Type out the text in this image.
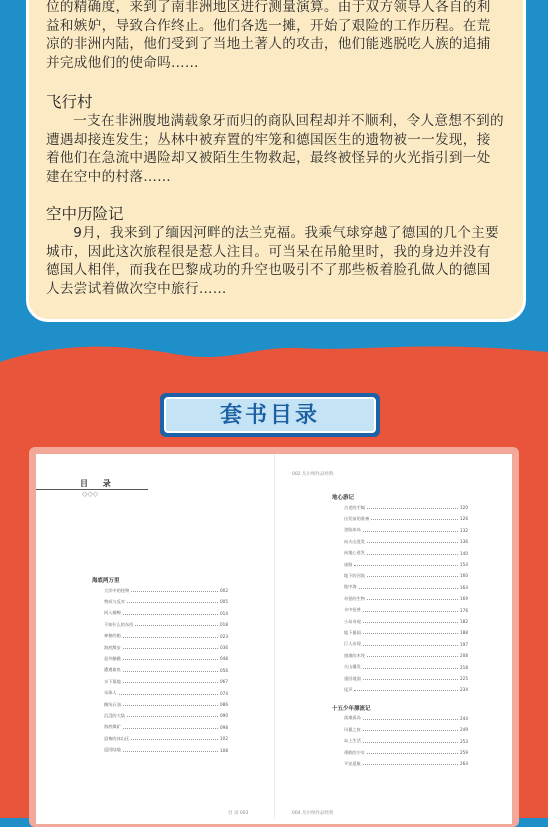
位的精确度，来到了南非洲地区进行测量演算。由于双方领导人各自的利益和嫉妒，导致合作终止。他们各选一摊，开始了艰险的工作历程。在荒凉的非洲内陆，他们受到了当地土著人的攻击，他们能逃脱吃人族的追捕并完成他们的使命吗……

飞行村

一支在非洲腹地满载象牙而归的商队回程却并不顺利，令人意想不到的遭遇却接连发生；丛林中被弃置的牢笼和德国医生的遗物被一一发现，接着他们在急流中遇险却又被陌生生物救起，最终被怪异的火光指引到一处建在空中的村落……

空中历险记

9月，我来到了缅因河畔的法兰克福。我乘气球穿越了德国的几个主要城市，因此这次旅程很是惹人注目。可当呆在吊舱里时，我的身边并没有德国人相伴，而我在巴黎成功的升空也吸引不了那些板着脸孔做人的德国人去尝试着做次空中旅行……

套书目录
目 录
◇◇◇
002 凡尔纳作品经典
海底两万里
大洋中的怪物	002
赞成与反对	005
同入捕鲸	014
不知什么的东西	018
神秘的船	023
海底散步	036
意外触礁	048
遭遇鲨鱼	056
水下墓地	067
采珠人	074
搁浅石油	086
沉没的大陆	090
海底煤矿	098
恐怖的冰山区	102
返回陆地	108
地心游记
古老的手稿	120
出发前的准备	126
登陆冰岛	132
向火山进发	136
向地心进发	140
迷路	154
地下的河流	160
地中海	164
奇怪的生物	169
水中怪兽	176
小岛奇观	182
地下暴雨	188
巨人出现	197
遇难的木筏	208
火山爆发	218
重回地面	225
尾声	234
十五少年漂流记
落难孤岛	244
风暴之夜	249
岛上生活	253
勇敢的少年	259
平安返航	264
目 录 003	004 凡尔纳作品经典
